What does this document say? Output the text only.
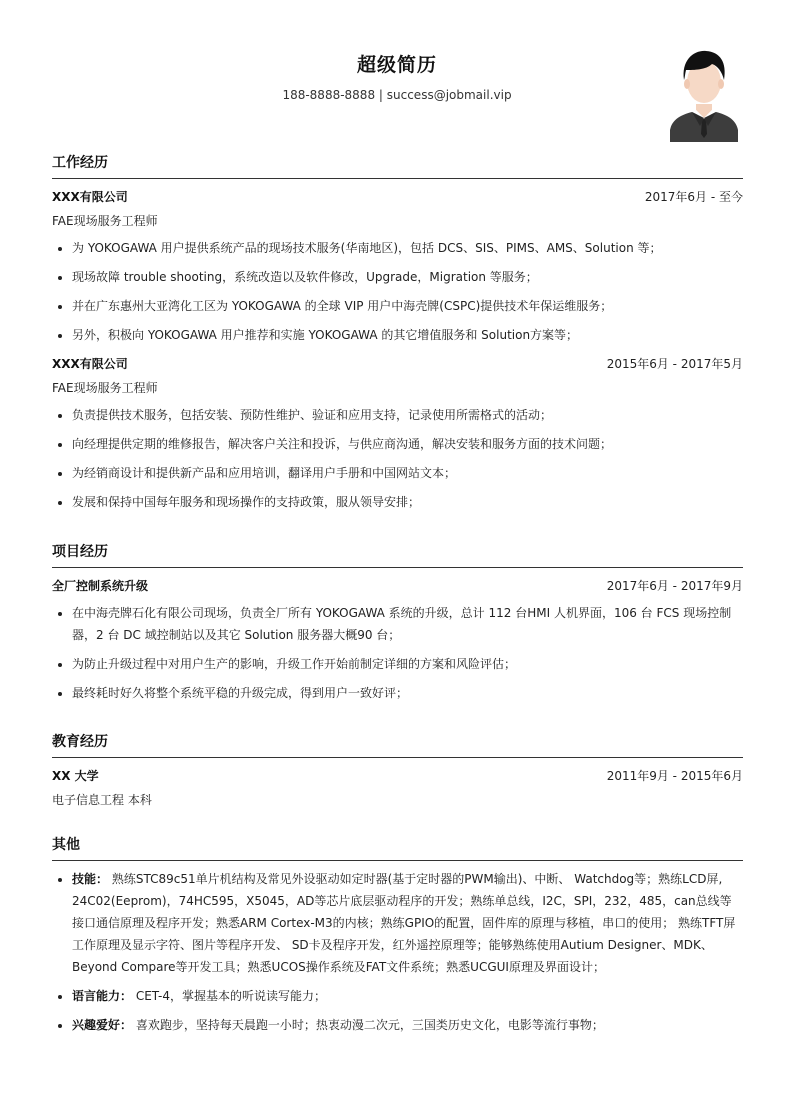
超级简历
188-8888-8888 | success@jobmail.vip
工作经历
XXX有限公司	2017年6月 - 至今
FAE现场服务工程师
• 为 YOKOGAWA 用户提供系统产品的现场技术服务(华南地区)，包括 DCS、SIS、PIMS、AMS、Solution 等；
• 现场故障 trouble shooting，系统改造以及软件修改，Upgrade，Migration 等服务；
• 并在广东惠州大亚湾化工区为 YOKOGAWA 的全球 VIP 用户中海壳牌(CSPC)提供技术年保运维服务；
• 另外，积极向 YOKOGAWA 用户推荐和实施 YOKOGAWA 的其它增值服务和 Solution方案等；
XXX有限公司	2015年6月 - 2017年5月
FAE现场服务工程师
• 负责提供技术服务，包括安装、预防性维护、验证和应用支持，记录使用所需格式的活动；
• 向经理提供定期的维修报告，解决客户关注和投诉，与供应商沟通，解决安装和服务方面的技术问题；
• 为经销商设计和提供新产品和应用培训，翻译用户手册和中国网站文本；
• 发展和保持中国每年服务和现场操作的支持政策，服从领导安排；
项目经历
全厂控制系统升级	2017年6月 - 2017年9月
• 在中海壳牌石化有限公司现场，负责全厂所有 YOKOGAWA 系统的升级，总计 112 台HMI 人机界面，106 台 FCS 现场控制器，2 台 DC 域控制站以及其它 Solution 服务器大概90 台；
• 为防止升级过程中对用户生产的影响，升级工作开始前制定详细的方案和风险评估；
• 最终耗时好久将整个系统平稳的升级完成，得到用户一致好评；
教育经历
XX 大学	2011年9月 - 2015年6月
电子信息工程 本科
其他
• 技能： 熟练STC89c51单片机结构及常见外设驱动如定时器(基于定时器的PWM输出)、中断、 Watchdog等；熟练LCD屏, 24C02(Eeprom)，74HC595，X5045，AD等芯片底层驱动程序的开发；熟练单总线，I2C，SPI，232，485，can总线等接口通信原理及程序开发；熟悉ARM Cortex-M3的内核；熟练GPIO的配置，固件库的原理与移植，串口的使用； 熟练TFT屏工作原理及显示字符、图片等程序开发、 SD卡及程序开发，红外遥控原理等；能够熟练使用Autium Designer、MDK、Beyond Compare等开发工具；熟悉UCOS操作系统及FAT文件系统；熟悉UCGUI原理及界面设计；
• 语言能力： CET-4，掌握基本的听说读写能力；
• 兴趣爱好： 喜欢跑步，坚持每天晨跑一小时；热衷动漫二次元，三国类历史文化，电影等流行事物；
